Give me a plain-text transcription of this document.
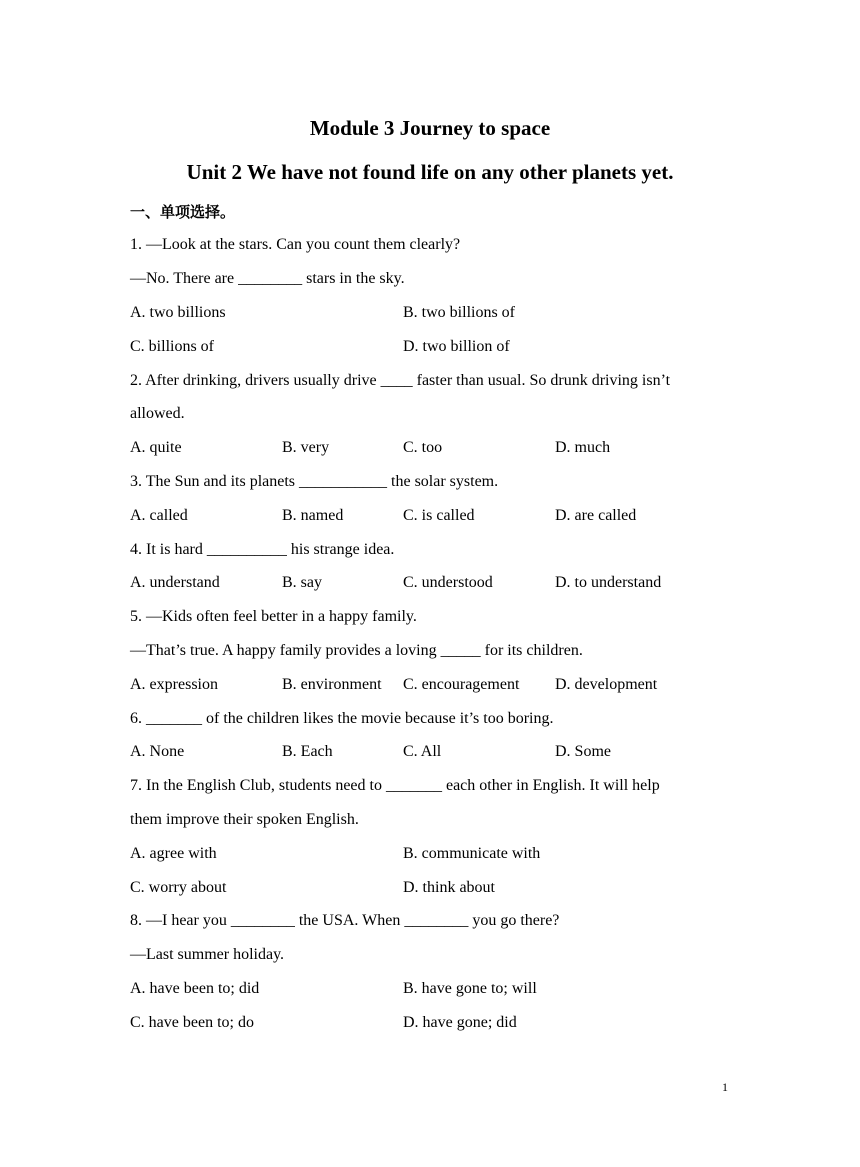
Module 3 Journey to space
Unit 2 We have not found life on any other planets yet.
一、单项选择。
1. —Look at the stars. Can you count them clearly?
—No. There are ________ stars in the sky.
A. two billions	B. two billions of
C. billions of	D. two billion of
2. After drinking, drivers usually drive ____ faster than usual. So drunk driving isn’t
allowed.
A. quite	B. very	C. too	D. much
3. The Sun and its planets ___________ the solar system.
A. called	B. named	C. is called	D. are called
4. It is hard __________ his strange idea.
A. understand	B. say	C. understood	D. to understand
5. —Kids often feel better in a happy family.
—That’s true. A happy family provides a loving _____ for its children.
A. expression	B. environment C. encouragement D. development
6. _______ of the children likes the movie because it’s too boring.
A. None	B. Each	C. All	D. Some
7. In the English Club, students need to _______ each other in English. It will help
them improve their spoken English.
A. agree with	B. communicate with
C. worry about	D. think about
8. —I hear you ________ the USA. When ________ you go there?
—Last summer holiday.
A. have been to; did	B. have gone to; will
C. have been to; do	D. have gone; did
1
